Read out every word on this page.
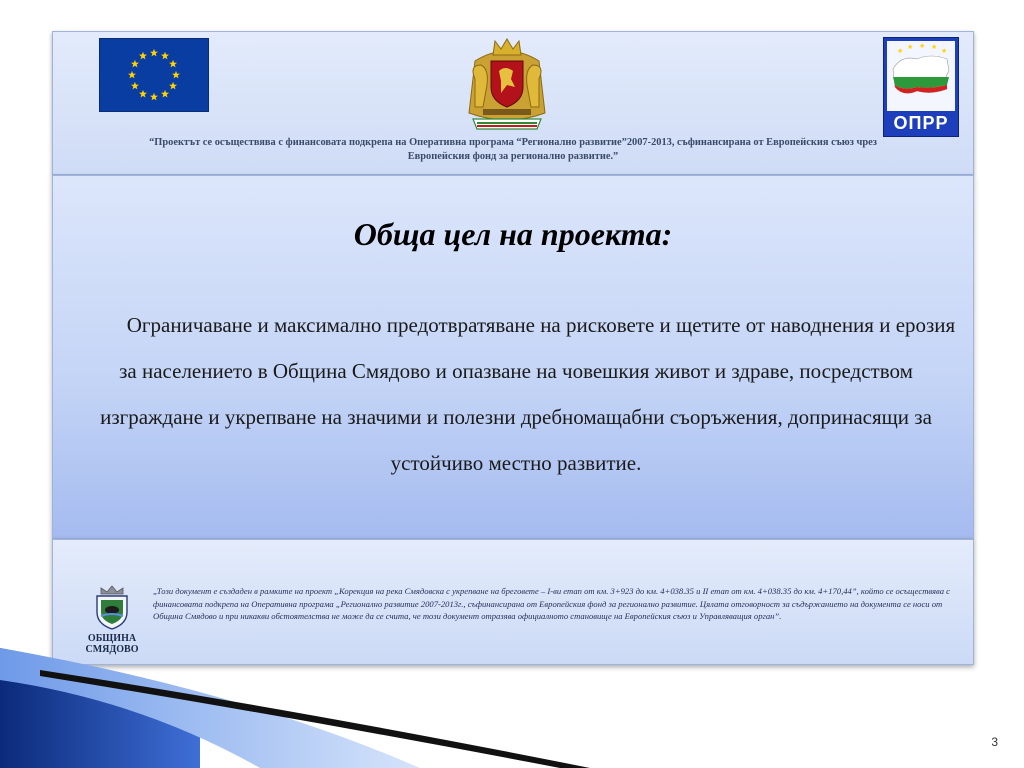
★ ★ ★ ★ ★
ОПРР
“Проектът се осъществява с финансовата подкрепа на Оперативна програма “Регионално развитие”2007-2013, съфинансирана от Европейския съюз чрез
Европейския фонд за регионално развитие.”
Обща цел на проекта:
Ограничаване и максимално предотвратяване на рисковете и щетите от наводнения и ерозия за населението в Община Смядово и опазване на човешкия живот и здраве, посредством изграждане и укрепване на значими и полезни дребномащабни съоръжения, допринасящи за устойчиво местно развитие.
ОБЩИНА
СМЯДОВО
„Този документ е създаден в рамките на проект „Корекция на река Смядовска с укрепване на бреговете – I-ви етап от км. 3+923 до км. 4+038.35 и II етап от км. 4+038.35 до км. 4+170,44”, който се осъществява с финансовата подкрепа на Оперативна програма „Регионално развитие 2007-2013г., съфинансирана от Европейския фонд за регионално развитие. Цялата отговорност за съдържанието на документа се носи от Община Смядово и при никакви обстоятелства не може да се счита, че този документ отразява официалното становище на Европейския съюз и Управляващия орган”.
3
